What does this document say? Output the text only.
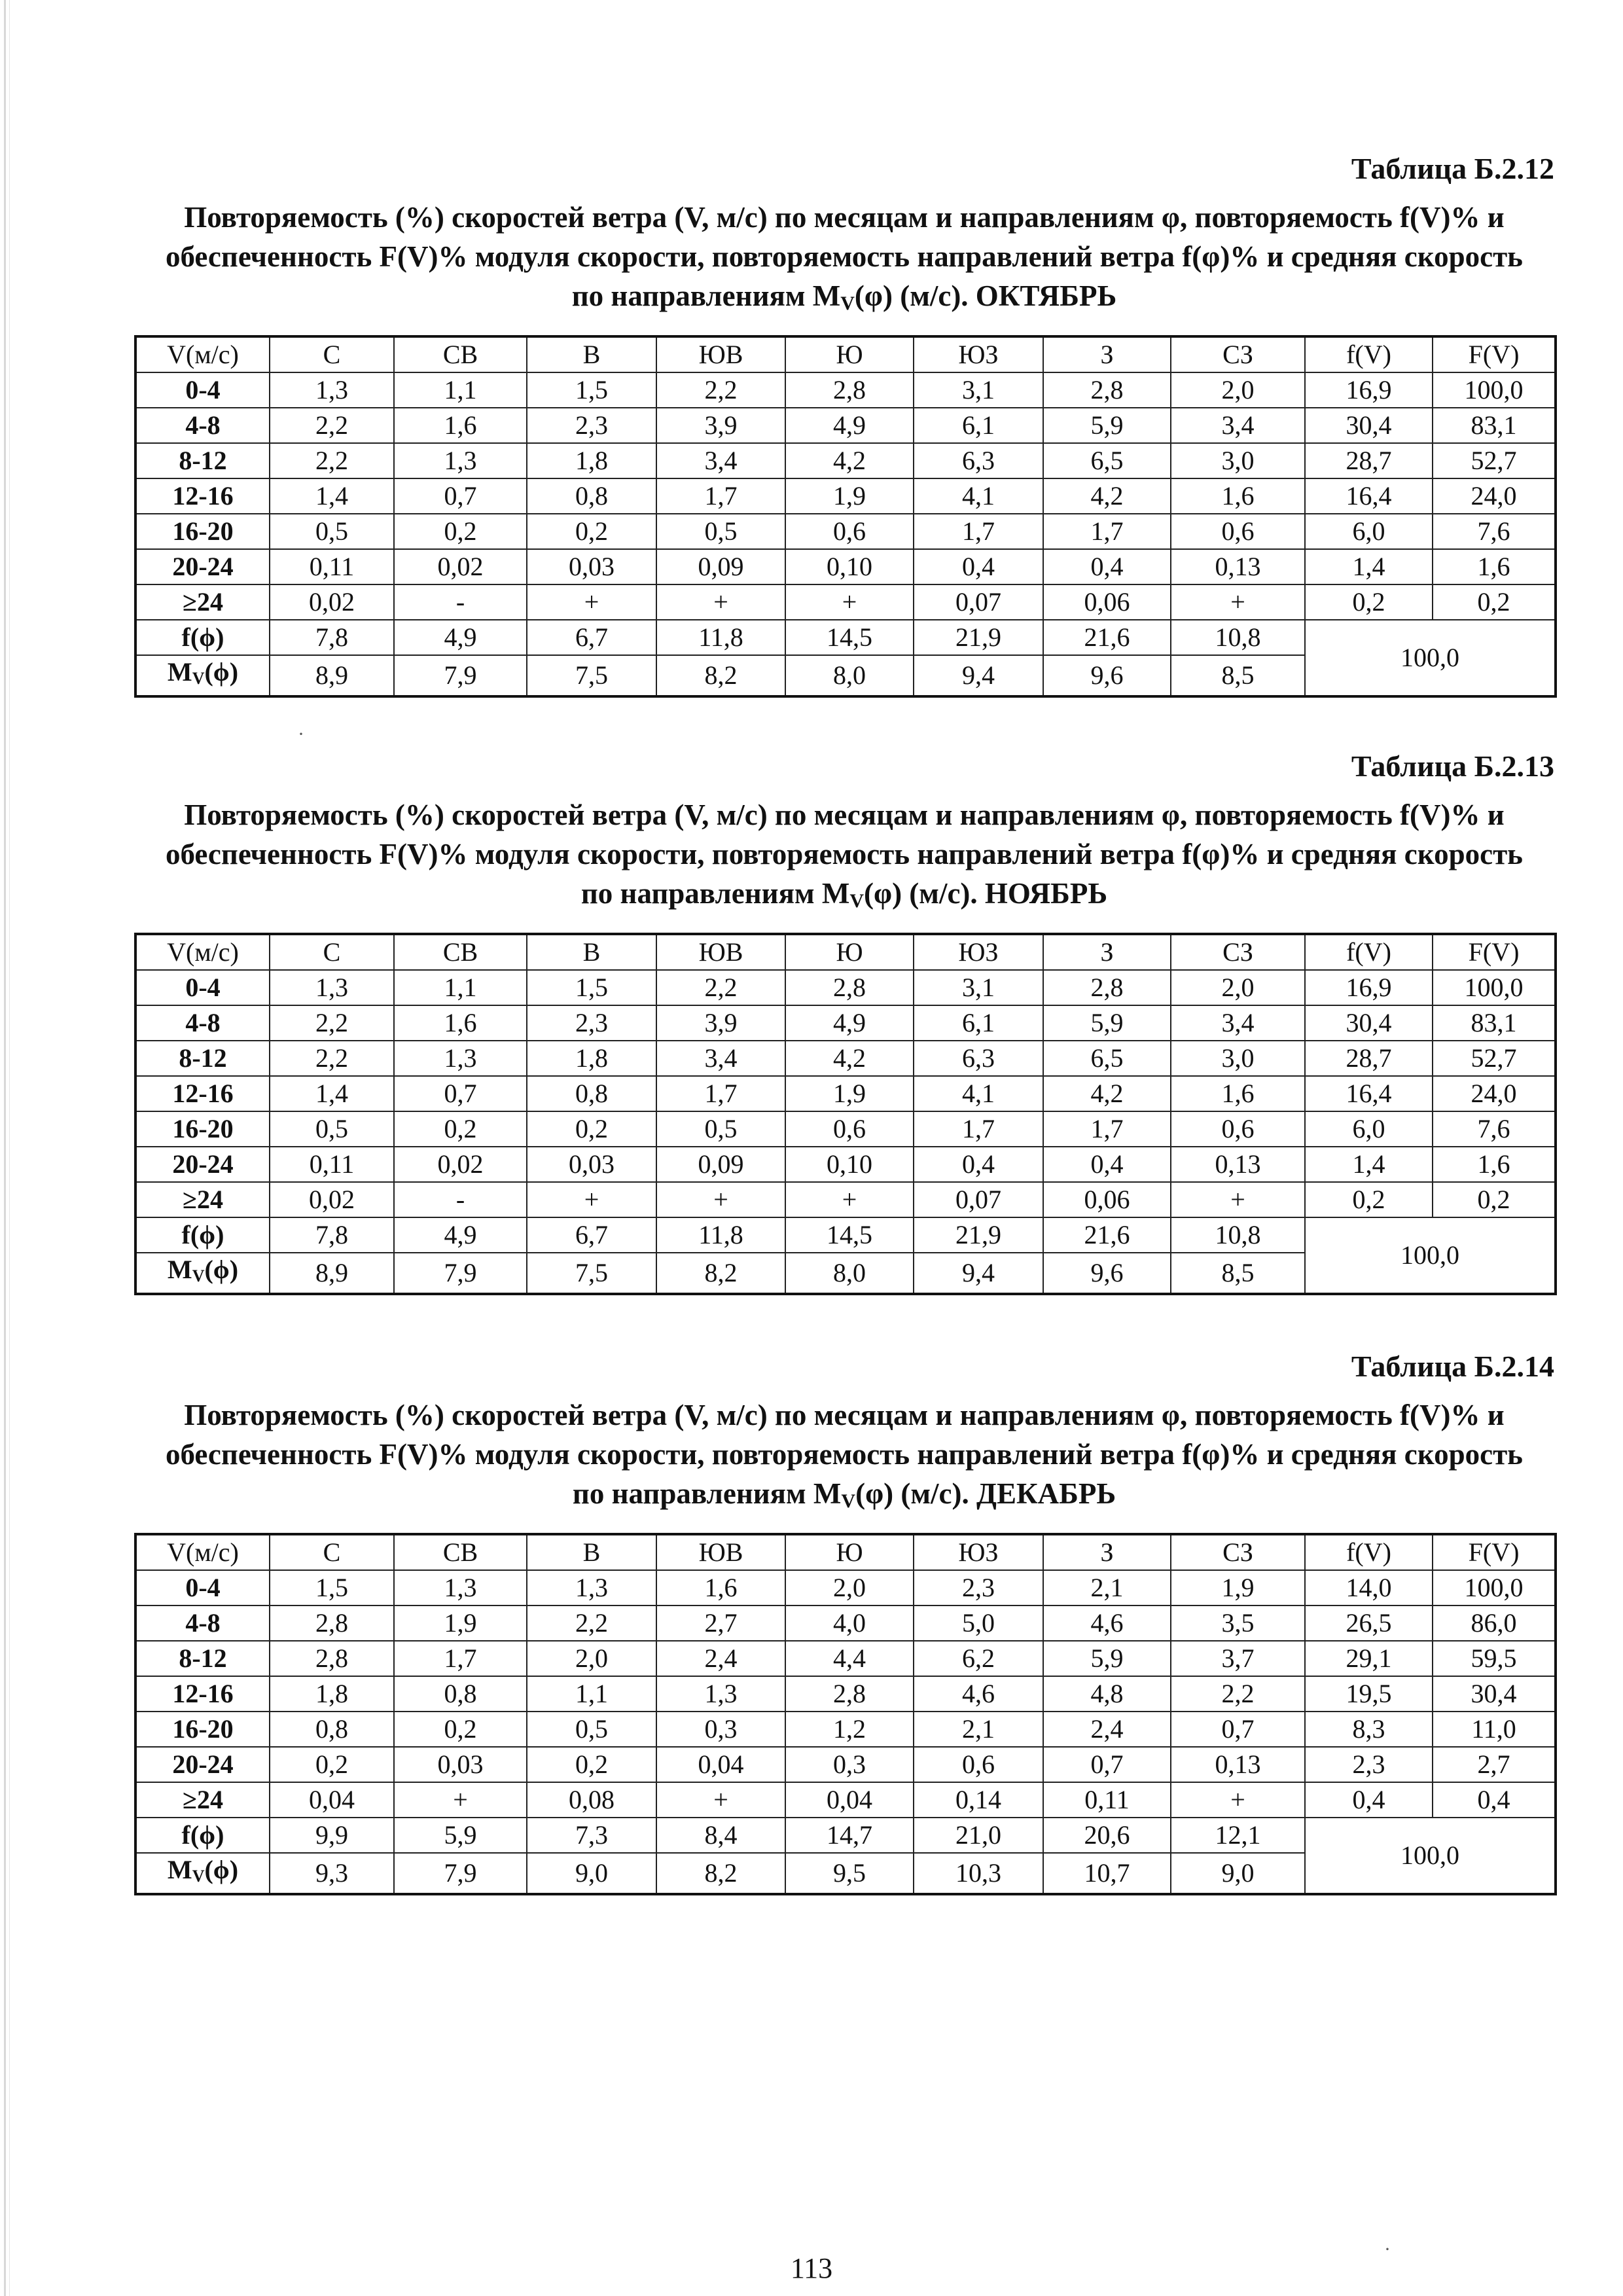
Таблица Б.2.12
Повторяемость (%) скоростей ветра (V, м/с) по месяцам и направлениям φ, повторяемость f(V)% и обеспеченность F(V)% модуля скорости, повторяемость направлений ветра f(φ)% и средняя скорость по направлениям $M_V(\varphi)$ (м/с). ОКТЯБРЬ
V(м/с)	С	СВ	В	ЮВ	Ю	ЮЗ	З	СЗ	f(V)	F(V)
0-4	1,3	1,1	1,5	2,2	2,8	3,1	2,8	2,0	16,9	100,0
4-8	2,2	1,6	2,3	3,9	4,9	6,1	5,9	3,4	30,4	83,1
8-12	2,2	1,3	1,8	3,4	4,2	6,3	6,5	3,0	28,7	52,7
12-16	1,4	0,7	0,8	1,7	1,9	4,1	4,2	1,6	16,4	24,0
16-20	0,5	0,2	0,2	0,5	0,6	1,7	1,7	0,6	6,0	7,6
20-24	0,11	0,02	0,03	0,09	0,10	0,4	0,4	0,13	1,4	1,6
≥24	0,02	-	+	+	+	0,07	0,06	+	0,2	0,2
f(ϕ)	7,8	4,9	6,7	11,8	14,5	21,9	21,6	10,8	100,0	
$M_V(\phi)$	8,9	7,9	7,5	8,2	8,0	9,4	9,6	8,5		
Таблица Б.2.13
Повторяемость (%) скоростей ветра (V, м/с) по месяцам и направлениям φ, повторяемость f(V)% и обеспеченность F(V)% модуля скорости, повторяемость направлений ветра f(φ)% и средняя скорость по направлениям $M_V(\varphi)$ (м/с). НОЯБРЬ
V(м/с)	С	СВ	В	ЮВ	Ю	ЮЗ	З	СЗ	f(V)	F(V)
0-4	1,3	1,1	1,5	2,2	2,8	3,1	2,8	2,0	16,9	100,0
4-8	2,2	1,6	2,3	3,9	4,9	6,1	5,9	3,4	30,4	83,1
8-12	2,2	1,3	1,8	3,4	4,2	6,3	6,5	3,0	28,7	52,7
12-16	1,4	0,7	0,8	1,7	1,9	4,1	4,2	1,6	16,4	24,0
16-20	0,5	0,2	0,2	0,5	0,6	1,7	1,7	0,6	6,0	7,6
20-24	0,11	0,02	0,03	0,09	0,10	0,4	0,4	0,13	1,4	1,6
≥24	0,02	-	+	+	+	0,07	0,06	+	0,2	0,2
f(ϕ)	7,8	4,9	6,7	11,8	14,5	21,9	21,6	10,8	100,0	
$M_V(\phi)$	8,9	7,9	7,5	8,2	8,0	9,4	9,6	8,5		
Таблица Б.2.14
Повторяемость (%) скоростей ветра (V, м/с) по месяцам и направлениям φ, повторяемость f(V)% и обеспеченность F(V)% модуля скорости, повторяемость направлений ветра f(φ)% и средняя скорость по направлениям $M_V(\varphi)$ (м/с). ДЕКАБРЬ
V(м/с)	С	СВ	В	ЮВ	Ю	ЮЗ	З	СЗ	f(V)	F(V)
0-4	1,5	1,3	1,3	1,6	2,0	2,3	2,1	1,9	14,0	100,0
4-8	2,8	1,9	2,2	2,7	4,0	5,0	4,6	3,5	26,5	86,0
8-12	2,8	1,7	2,0	2,4	4,4	6,2	5,9	3,7	29,1	59,5
12-16	1,8	0,8	1,1	1,3	2,8	4,6	4,8	2,2	19,5	30,4
16-20	0,8	0,2	0,5	0,3	1,2	2,1	2,4	0,7	8,3	11,0
20-24	0,2	0,03	0,2	0,04	0,3	0,6	0,7	0,13	2,3	2,7
≥24	0,04	+	0,08	+	0,04	0,14	0,11	+	0,4	0,4
f(ϕ)	9,9	5,9	7,3	8,4	14,7	21,0	20,6	12,1	100,0	
$M_V(\phi)$	9,3	7,9	9,0	8,2	9,5	10,3	10,7	9,0		
·
·
113
